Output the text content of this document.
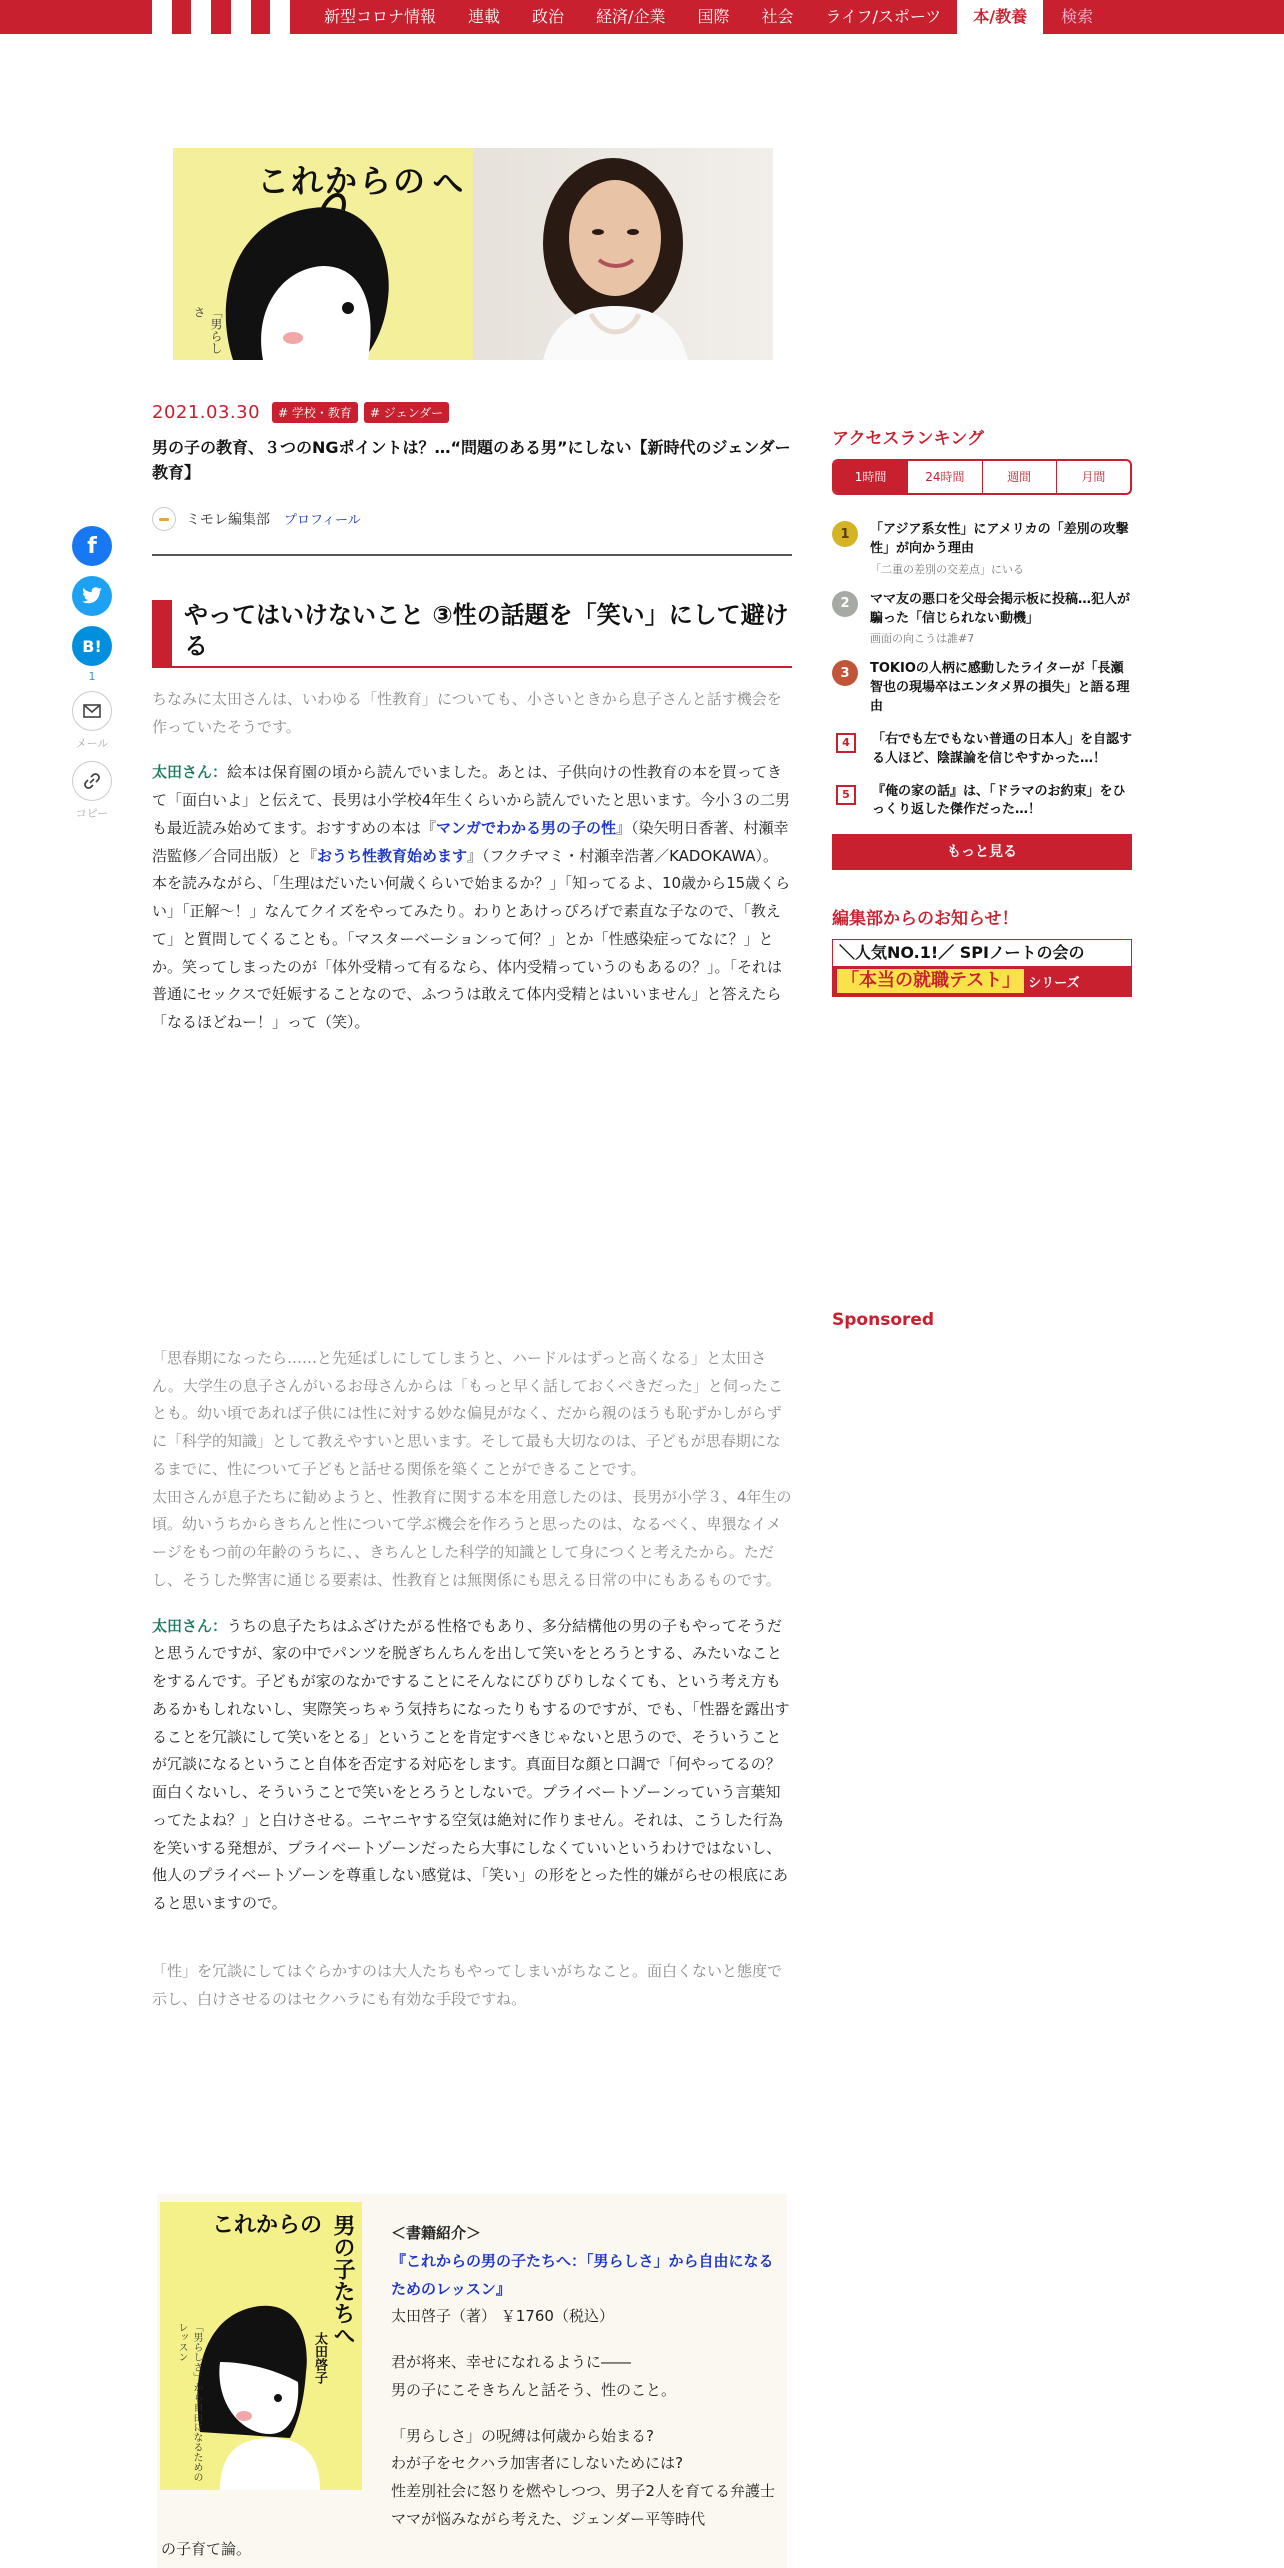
新型コロナ情報	連載	政治	経済/企業	国際	社会	ライフ/スポーツ	本/教養	検索
これからの へ
「男らしさ
f
B!
1
メール
コピー
2021.03.30	# 学校・教育	# ジェンダー
男の子の教育、３つのNGポイントは？…“問題のある男”にしない【新時代のジェンダー教育】
ミモレ編集部 プロフィール
やってはいけないこと ③性の話題を「笑い」にして避ける

ちなみに太田さんは、いわゆる「性教育」についても、小さいときから息子さんと話す機会を作っていたそうです。

太田さん：絵本は保育園の頃から読んでいました。あとは、子供向けの性教育の本を買ってきて「面白いよ」と伝えて、長男は小学校4年生くらいから読んでいたと思います。今小３の二男も最近読み始めてます。おすすめの本は『マンガでわかる男の子の性』（染矢明日香著、村瀬幸浩監修／合同出版）と『おうち性教育始めます』（フクチマミ・村瀬幸浩著／KADOKAWA）。本を読みながら、「生理はだいたい何歳くらいで始まるか？」「知ってるよ、10歳から15歳くらい」「正解～！」なんてクイズをやってみたり。わりとあけっぴろげで素直な子なので、「教えて」と質問してくることも。「マスターベーションって何？」とか「性感染症ってなに？」とか。笑ってしまったのが「体外受精って有るなら、体内受精っていうのもあるの？」。「それは普通にセックスで妊娠することなので、ふつうは敢えて体内受精とはいいません」と答えたら「なるほどねー！」って（笑）。

「思春期になったら……と先延ばしにしてしまうと、ハードルはずっと高くなる」と太田さん。大学生の息子さんがいるお母さんからは「もっと早く話しておくべきだった」と伺ったことも。幼い頃であれば子供には性に対する妙な偏見がなく、だから親のほうも恥ずかしがらずに「科学的知識」として教えやすいと思います。そして最も大切なのは、子どもが思春期になるまでに、性について子どもと話せる関係を築くことができることです。

太田さんが息子たちに勧めようと、性教育に関する本を用意したのは、長男が小学３、4年生の頃。幼いうちからきちんと性について学ぶ機会を作ろうと思ったのは、なるべく、卑猥なイメージをもつ前の年齢のうちに、、きちんとした科学的知識として身につくと考えたから。ただし、そうした弊害に通じる要素は、性教育とは無関係にも思える日常の中にもあるものです。

太田さん：うちの息子たちはふざけたがる性格でもあり、多分結構他の男の子もやってそうだと思うんですが、家の中でパンツを脱ぎちんちんを出して笑いをとろうとする、みたいなことをするんです。子どもが家のなかですることにそんなにぴりぴりしなくても、という考え方もあるかもしれないし、実際笑っちゃう気持ちになったりもするのですが、でも、「性器を露出することを冗談にして笑いをとる」ということを肯定すべきじゃないと思うので、そういうことが冗談になるということ自体を否定する対応をします。真面目な顔と口調で「何やってるの？面白くないし、そういうことで笑いをとろうとしないで。プライベートゾーンっていう言葉知ってたよね？」と白けさせる。ニヤニヤする空気は絶対に作りません。それは、こうした行為を笑いする発想が、プライベートゾーンだったら大事にしなくていいというわけではないし、他人のプライベートゾーンを尊重しない感覚は、「笑い」の形をとった性的嫌がらせの根底にあると思いますので。

「性」を冗談にしてはぐらかすのは大人たちもやってしまいがちなこと。面白くないと態度で示し、白けさせるのはセクハラにも有効な手段ですね。

これからの 男の子たちへ
太田啓子
「男らしさ」から自由になるためのレッスン
＜書籍紹介＞
『これからの男の子たちへ：「男らしさ」から自由になるためのレッスン』
太田啓子（著） ￥1760（税込）
君が将来、幸せになれるように――
男の子にこそきちんと話そう、性のこと。
「男らしさ」の呪縛は何歳から始まる?
わが子をセクハラ加害者にしないためには?
性差別社会に怒りを燃やしつつ、男子2人を育てる弁護士ママが悩みながら考えた、ジェンダー平等時代
の子育て論。
アクセスランキング
1時間	24時間	週間	月間
1	「アジア系女性」にアメリカの「差別の攻撃性」が向かう理由
「二重の差別の交差点」にいる
2	ママ友の悪口を父母会掲示板に投稿…犯人が騙った「信じられない動機」
画面の向こうは誰#7
3	TOKIOの人柄に感動したライターが「長瀬智也の現場卒はエンタメ界の損失」と語る理由
4	「右でも左でもない普通の日本人」を自認する人ほど、陰謀論を信じやすかった…！
5	『俺の家の話』は、「ドラマのお約束」をひっくり返した傑作だった…！
もっと見る
編集部からのお知らせ！
＼人気NO.1!／ SPIノートの会の
「本当の就職テスト」 シリーズ
Sponsored
